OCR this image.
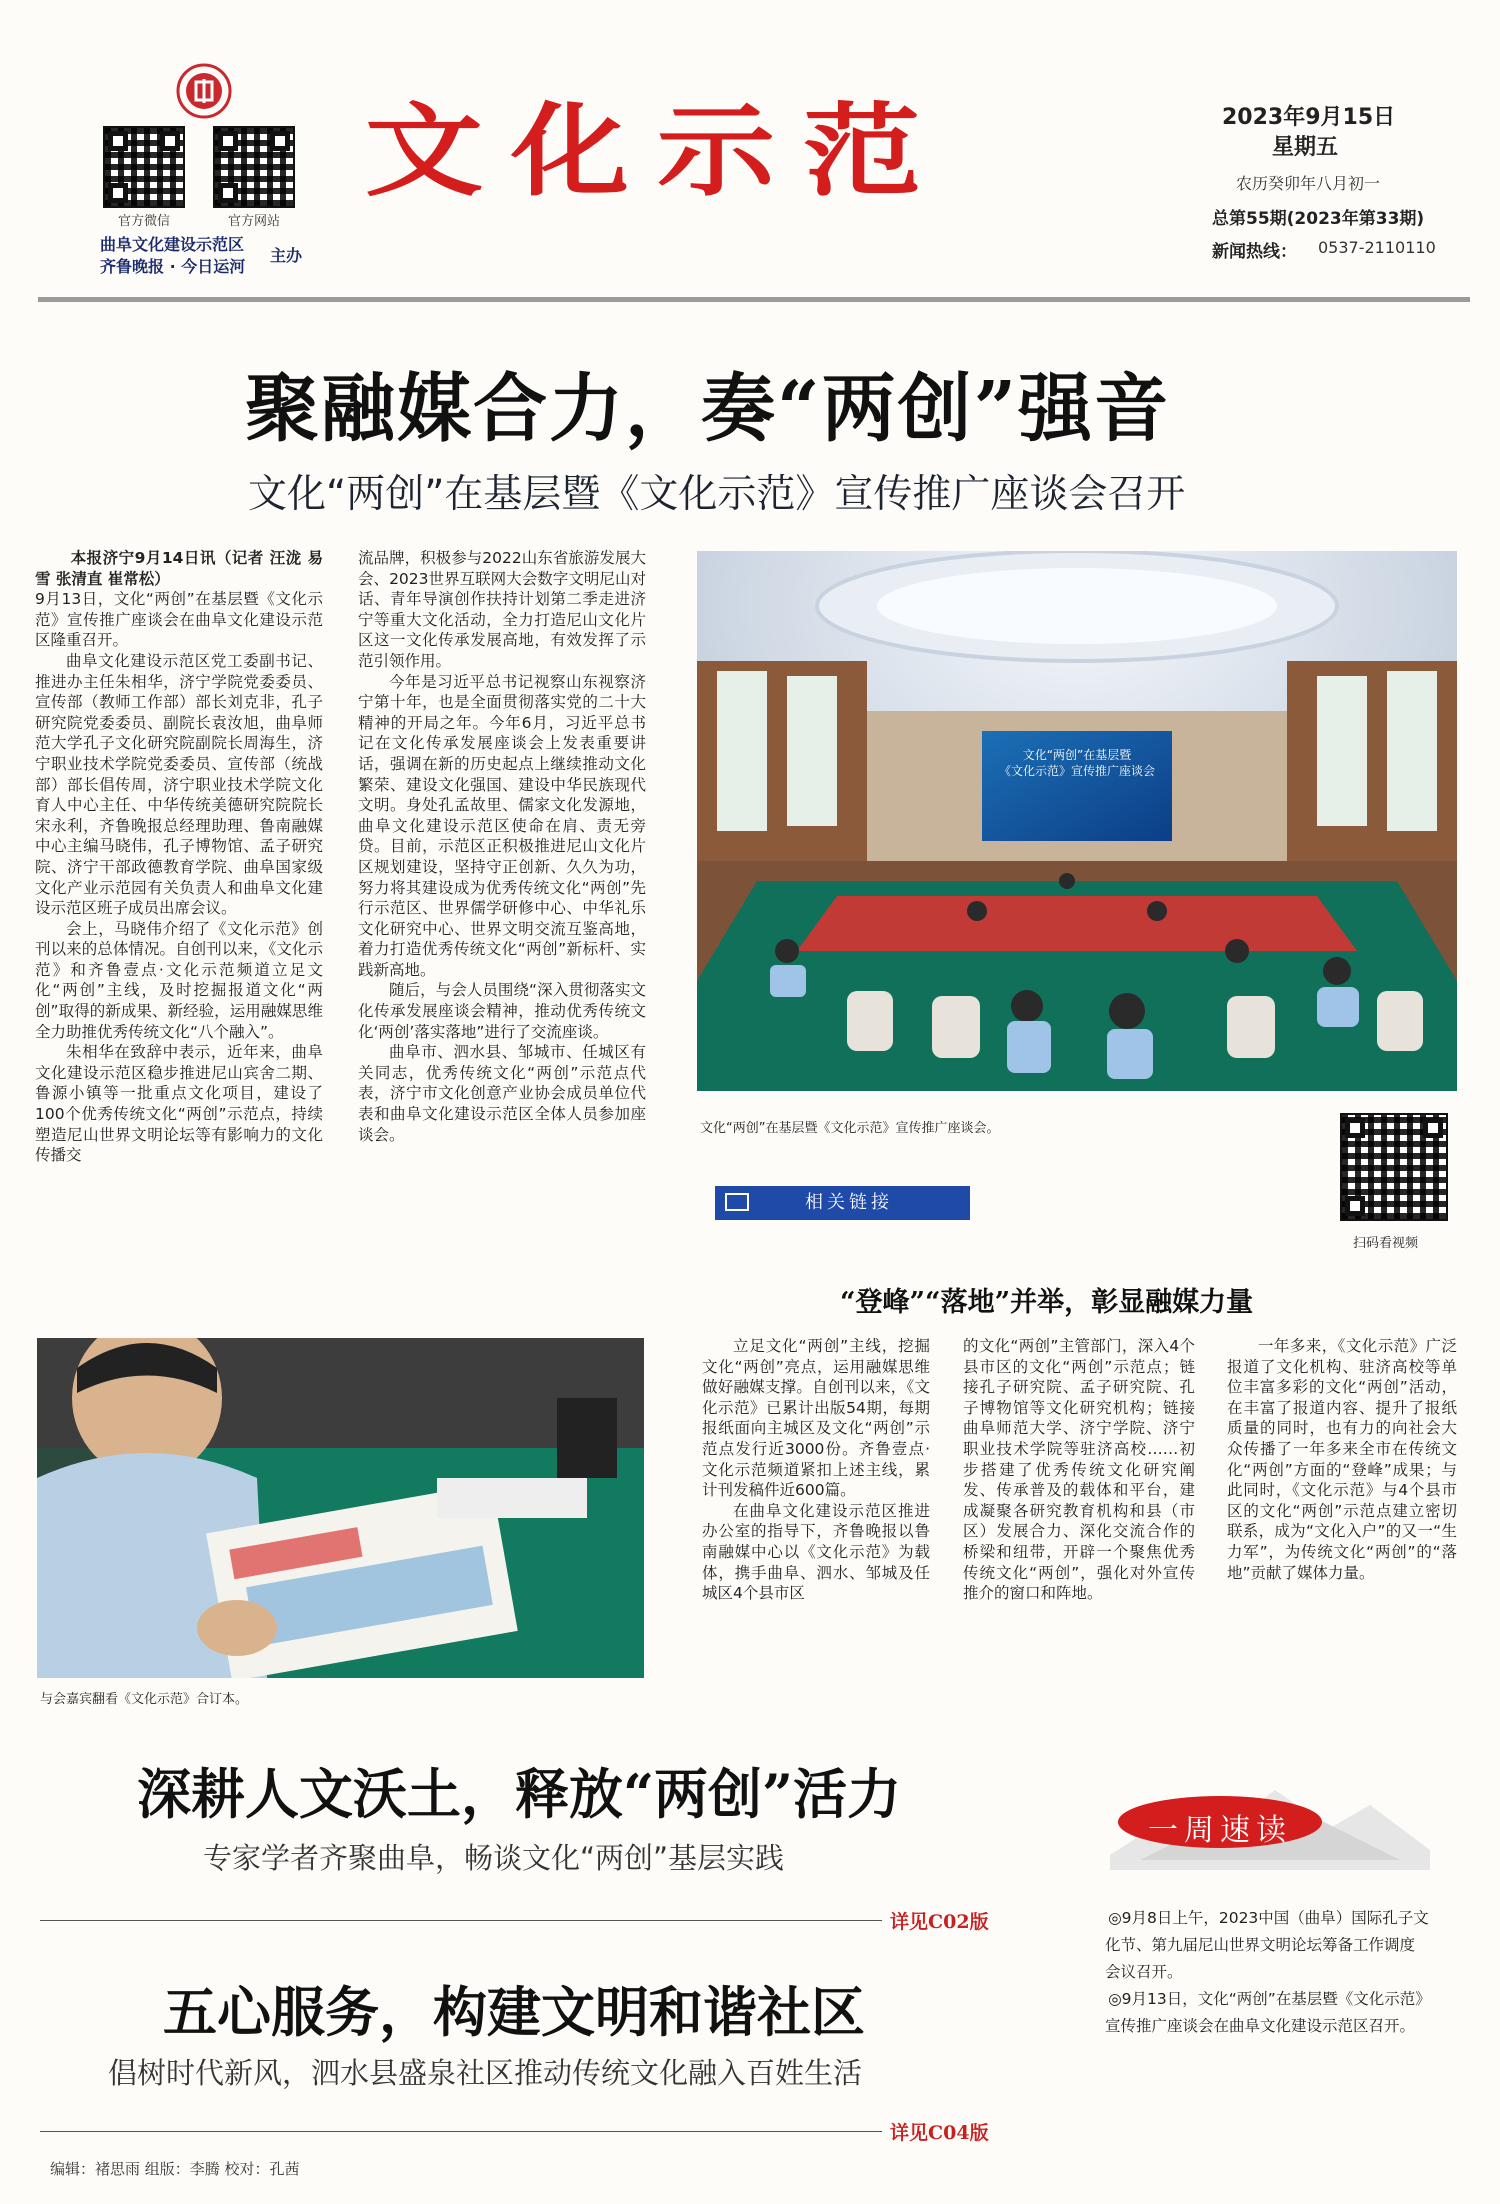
官方微信	官方网站
曲阜文化建设示范区
齐鲁晚报 · 今日运河
主办
文化示范	2023年9月15日
星期五
农历癸卯年八月初一
总第55期(2023年第33期)
新闻热线： 0537-2110110
聚融媒合力，奏“两创”强音
文化“两创”在基层暨《文化示范》宣传推广座谈会召开

本报济宁9月14日讯（记者 汪泷 易雪 张清直 崔常松）

9月13日，文化“两创”在基层暨《文化示范》宣传推广座谈会在曲阜文化建设示范区隆重召开。

曲阜文化建设示范区党工委副书记、推进办主任朱相华，济宁学院党委委员、宣传部（教师工作部）部长刘克非，孔子研究院党委委员、副院长袁汝旭，曲阜师范大学孔子文化研究院副院长周海生，济宁职业技术学院党委委员、宣传部（统战部）部长倡传周，济宁职业技术学院文化育人中心主任、中华传统美德研究院院长宋永利，齐鲁晚报总经理助理、鲁南融媒中心主编马晓伟，孔子博物馆、孟子研究院、济宁干部政德教育学院、曲阜国家级文化产业示范园有关负责人和曲阜文化建设示范区班子成员出席会议。

会上，马晓伟介绍了《文化示范》创刊以来的总体情况。自创刊以来，《文化示范》和齐鲁壹点·文化示范频道立足文化“两创”主线，及时挖掘报道文化“两创”取得的新成果、新经验，运用融媒思维全力助推优秀传统文化“八个融入”。

朱相华在致辞中表示，近年来，曲阜文化建设示范区稳步推进尼山宾舍二期、鲁源小镇等一批重点文化项目，建设了100个优秀传统文化“两创”示范点，持续塑造尼山世界文明论坛等有影响力的文化传播交

流品牌，积极参与2022山东省旅游发展大会、2023世界互联网大会数字文明尼山对话、青年导演创作扶持计划第二季走进济宁等重大文化活动，全力打造尼山文化片区这一文化传承发展高地，有效发挥了示范引领作用。

今年是习近平总书记视察山东视察济宁第十年，也是全面贯彻落实党的二十大精神的开局之年。今年6月，习近平总书记在文化传承发展座谈会上发表重要讲话，强调在新的历史起点上继续推动文化繁荣、建设文化强国、建设中华民族现代文明。身处孔孟故里、儒家文化发源地，曲阜文化建设示范区使命在肩、责无旁贷。目前，示范区正积极推进尼山文化片区规划建设，坚持守正创新、久久为功，努力将其建设成为优秀传统文化“两创”先行示范区、世界儒学研修中心、中华礼乐文化研究中心、世界文明交流互鉴高地，着力打造优秀传统文化“两创”新标杆、实践新高地。

随后，与会人员围绕“深入贯彻落实文化传承发展座谈会精神，推动优秀传统文化‘两创’落实落地”进行了交流座谈。

曲阜市、泗水县、邹城市、任城区有关同志，优秀传统文化“两创”示范点代表，济宁市文化创意产业协会成员单位代表和曲阜文化建设示范区全体人员参加座谈会。

文化“两创”在基层暨
《文化示范》宣传推广座谈会
文化“两创”在基层暨《文化示范》宣传推广座谈会。
扫码看视频
相关链接
“登峰”“落地”并举，彰显融媒力量

立足文化“两创”主线，挖掘文化“两创”亮点，运用融媒思维做好融媒支撑。自创刊以来，《文化示范》已累计出版54期，每期报纸面向主城区及文化“两创”示范点发行近3000份。齐鲁壹点·文化示范频道紧扣上述主线，累计刊发稿件近600篇。

在曲阜文化建设示范区推进办公室的指导下，齐鲁晚报以鲁南融媒中心以《文化示范》为载体，携手曲阜、泗水、邹城及任城区4个县市区

的文化“两创”主管部门，深入4个县市区的文化“两创”示范点；链接孔子研究院、孟子研究院、孔子博物馆等文化研究机构；链接曲阜师范大学、济宁学院、济宁职业技术学院等驻济高校……初步搭建了优秀传统文化研究阐发、传承普及的载体和平台，建成凝聚各研究教育机构和县（市区）发展合力、深化交流合作的桥梁和纽带，开辟一个聚焦优秀传统文化“两创”，强化对外宣传推介的窗口和阵地。

一年多来，《文化示范》广泛报道了文化机构、驻济高校等单位丰富多彩的文化“两创”活动，在丰富了报道内容、提升了报纸质量的同时，也有力的向社会大众传播了一年多来全市在传统文化“两创”方面的“登峰”成果；与此同时，《文化示范》与4个县市区的文化“两创”示范点建立密切联系，成为“文化入户”的又一“生力军”，为传统文化“两创”的“落地”贡献了媒体力量。

与会嘉宾翻看《文化示范》合订本。
深耕人文沃土，释放“两创”活力
专家学者齐聚曲阜，畅谈文化“两创”基层实践
详见C02版
五心服务，构建文明和谐社区
倡树时代新风，泗水县盛泉社区推动传统文化融入百姓生活
详见C04版
一周速读
◎9月8日上午，2023中国（曲阜）国际孔子文化节、第九届尼山世界文明论坛筹备工作调度会议召开。
◎9月13日，文化“两创”在基层暨《文化示范》宣传推广座谈会在曲阜文化建设示范区召开。
编辑：褚思雨 组版：李腾 校对：孔茜
